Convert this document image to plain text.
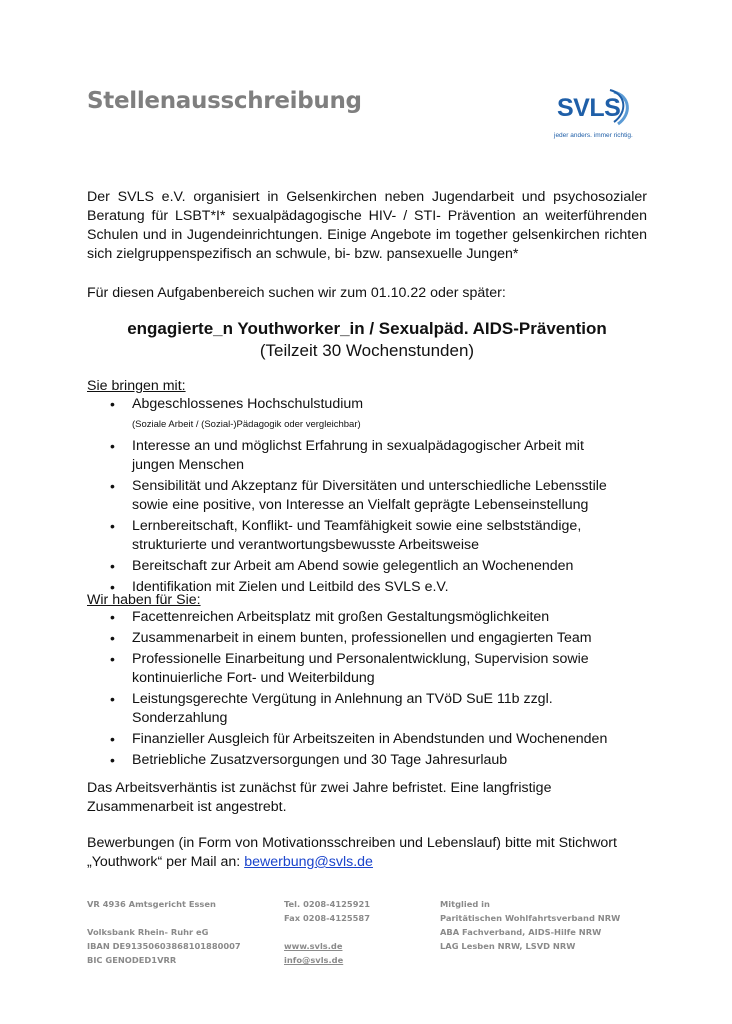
Stellenausschreibung	SVLS
jeder anders. immer richtig.
Der SVLS e.V. organisiert in Gelsenkirchen neben Jugendarbeit und psychosozialer Beratung für LSBT*I* sexualpädagogische HIV- / STI- Prävention an weiterführenden Schulen und in Jugendeinrichtungen. Einige Angebote im together gelsenkirchen richten sich zielgruppenspezifisch an schwule, bi- bzw. pansexuelle Jungen*
Für diesen Aufgabenbereich suchen wir zum 01.10.22 oder später:
engagierte_n Youthworker_in / Sexualpäd. AIDS-Prävention
(Teilzeit 30 Wochenstunden)
Sie bringen mit:
• Abgeschlossenes Hochschulstudium
(Soziale Arbeit / (Sozial-)Pädagogik oder vergleichbar)
• Interesse an und möglichst Erfahrung in sexualpädagogischer Arbeit mit jungen Menschen
• Sensibilität und Akzeptanz für Diversitäten und unterschiedliche Lebensstile sowie eine positive, von Interesse an Vielfalt geprägte Lebenseinstellung
• Lernbereitschaft, Konflikt- und Teamfähigkeit sowie eine selbstständige, strukturierte und verantwortungsbewusste Arbeitsweise
• Bereitschaft zur Arbeit am Abend sowie gelegentlich an Wochenenden
• Identifikation mit Zielen und Leitbild des SVLS e.V.
Wir haben für Sie:
• Facettenreichen Arbeitsplatz mit großen Gestaltungsmöglichkeiten
• Zusammenarbeit in einem bunten, professionellen und engagierten Team
• Professionelle Einarbeitung und Personalentwicklung, Supervision sowie kontinuierliche Fort- und Weiterbildung
• Leistungsgerechte Vergütung in Anlehnung an TVöD SuE 11b zzgl. Sonderzahlung
• Finanzieller Ausgleich für Arbeitszeiten in Abendstunden und Wochenenden
• Betriebliche Zusatzversorgungen und 30 Tage Jahresurlaub
Das Arbeitsverhäntis ist zunächst für zwei Jahre befristet. Eine langfristige Zusammenarbeit ist angestrebt.
Bewerbungen (in Form von Motivationsschreiben und Lebenslauf) bitte mit Stichwort
„Youthwork“ per Mail an: bewerbung@svls.de
VR 4936 Amtsgericht Essen

Volksbank Rhein- Ruhr eG
IBAN DE91350603868101880007
BIC GENODED1VRR
Tel. 0208-4125921
Fax 0208-4125587

www.svls.de
info@svls.de
Mitglied in
Paritätischen Wohlfahrtsverband NRW
ABA Fachverband, AIDS-Hilfe NRW
LAG Lesben NRW, LSVD NRW
